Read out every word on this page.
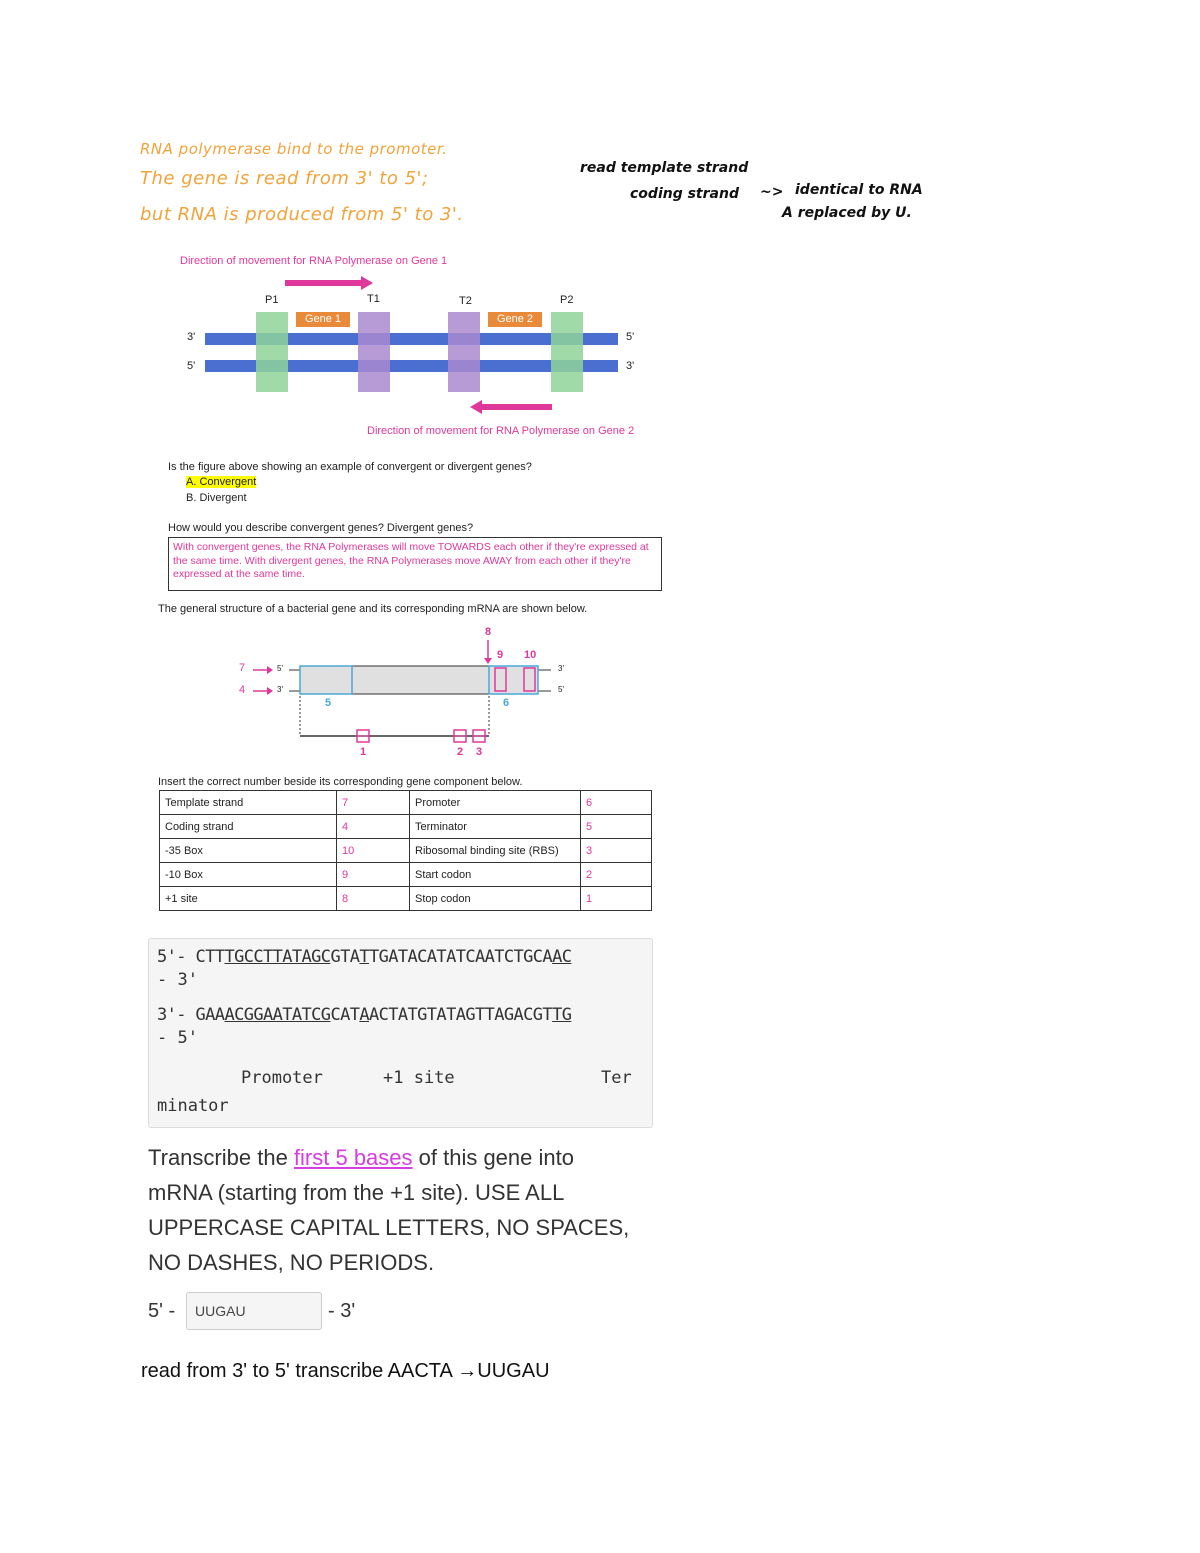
RNA polymerase bind to the promoter.
The gene is read from 3' to 5';
but RNA is produced from 5' to 3'.
read template strand
coding strand ~> identical to RNA
A replaced by U.
Direction of movement for RNA Polymerase on Gene 1
P1	T1	T2	P2
3'
5'
5'
3'
Gene 1	Gene 2
Direction of movement for RNA Polymerase on Gene 2
Is the figure above showing an example of convergent or divergent genes?
A. Convergent
B. Divergent
How would you describe convergent genes? Divergent genes?
With convergent genes, the RNA Polymerases will move TOWARDS each other if they're expressed at the same time. With divergent genes, the RNA Polymerases move AWAY from each other if they're expressed at the same time.
The general structure of a bacterial gene and its corresponding mRNA are shown below.
7
4
5'
3'
3'
5'
5	6
8
9 10
1	2 3
Insert the correct number beside its corresponding gene component below.
Template strand	7	Promoter	6
Coding strand	4	Terminator	5
-35 Box	10	Ribosomal binding site (RBS)	3
-10 Box	9	Start codon	2
+1 site	8	Stop codon	1
5'- CTTTGCCTTATAGCGTATTGATACATATCAATCTGCAAC
- 3'
3'- GAAACGGAATATCGCATAACTATGTATAGTTAGACGTTG
- 5'
Promoter	+1 site	Ter
minator
Transcribe the first 5 bases of this gene into mRNA (starting from the +1 site). USE ALL UPPERCASE CAPITAL LETTERS, NO SPACES, NO DASHES, NO PERIODS.
5' -	UUGAU	- 3'
read from 3' to 5' transcribe AACTA →UUGAU
